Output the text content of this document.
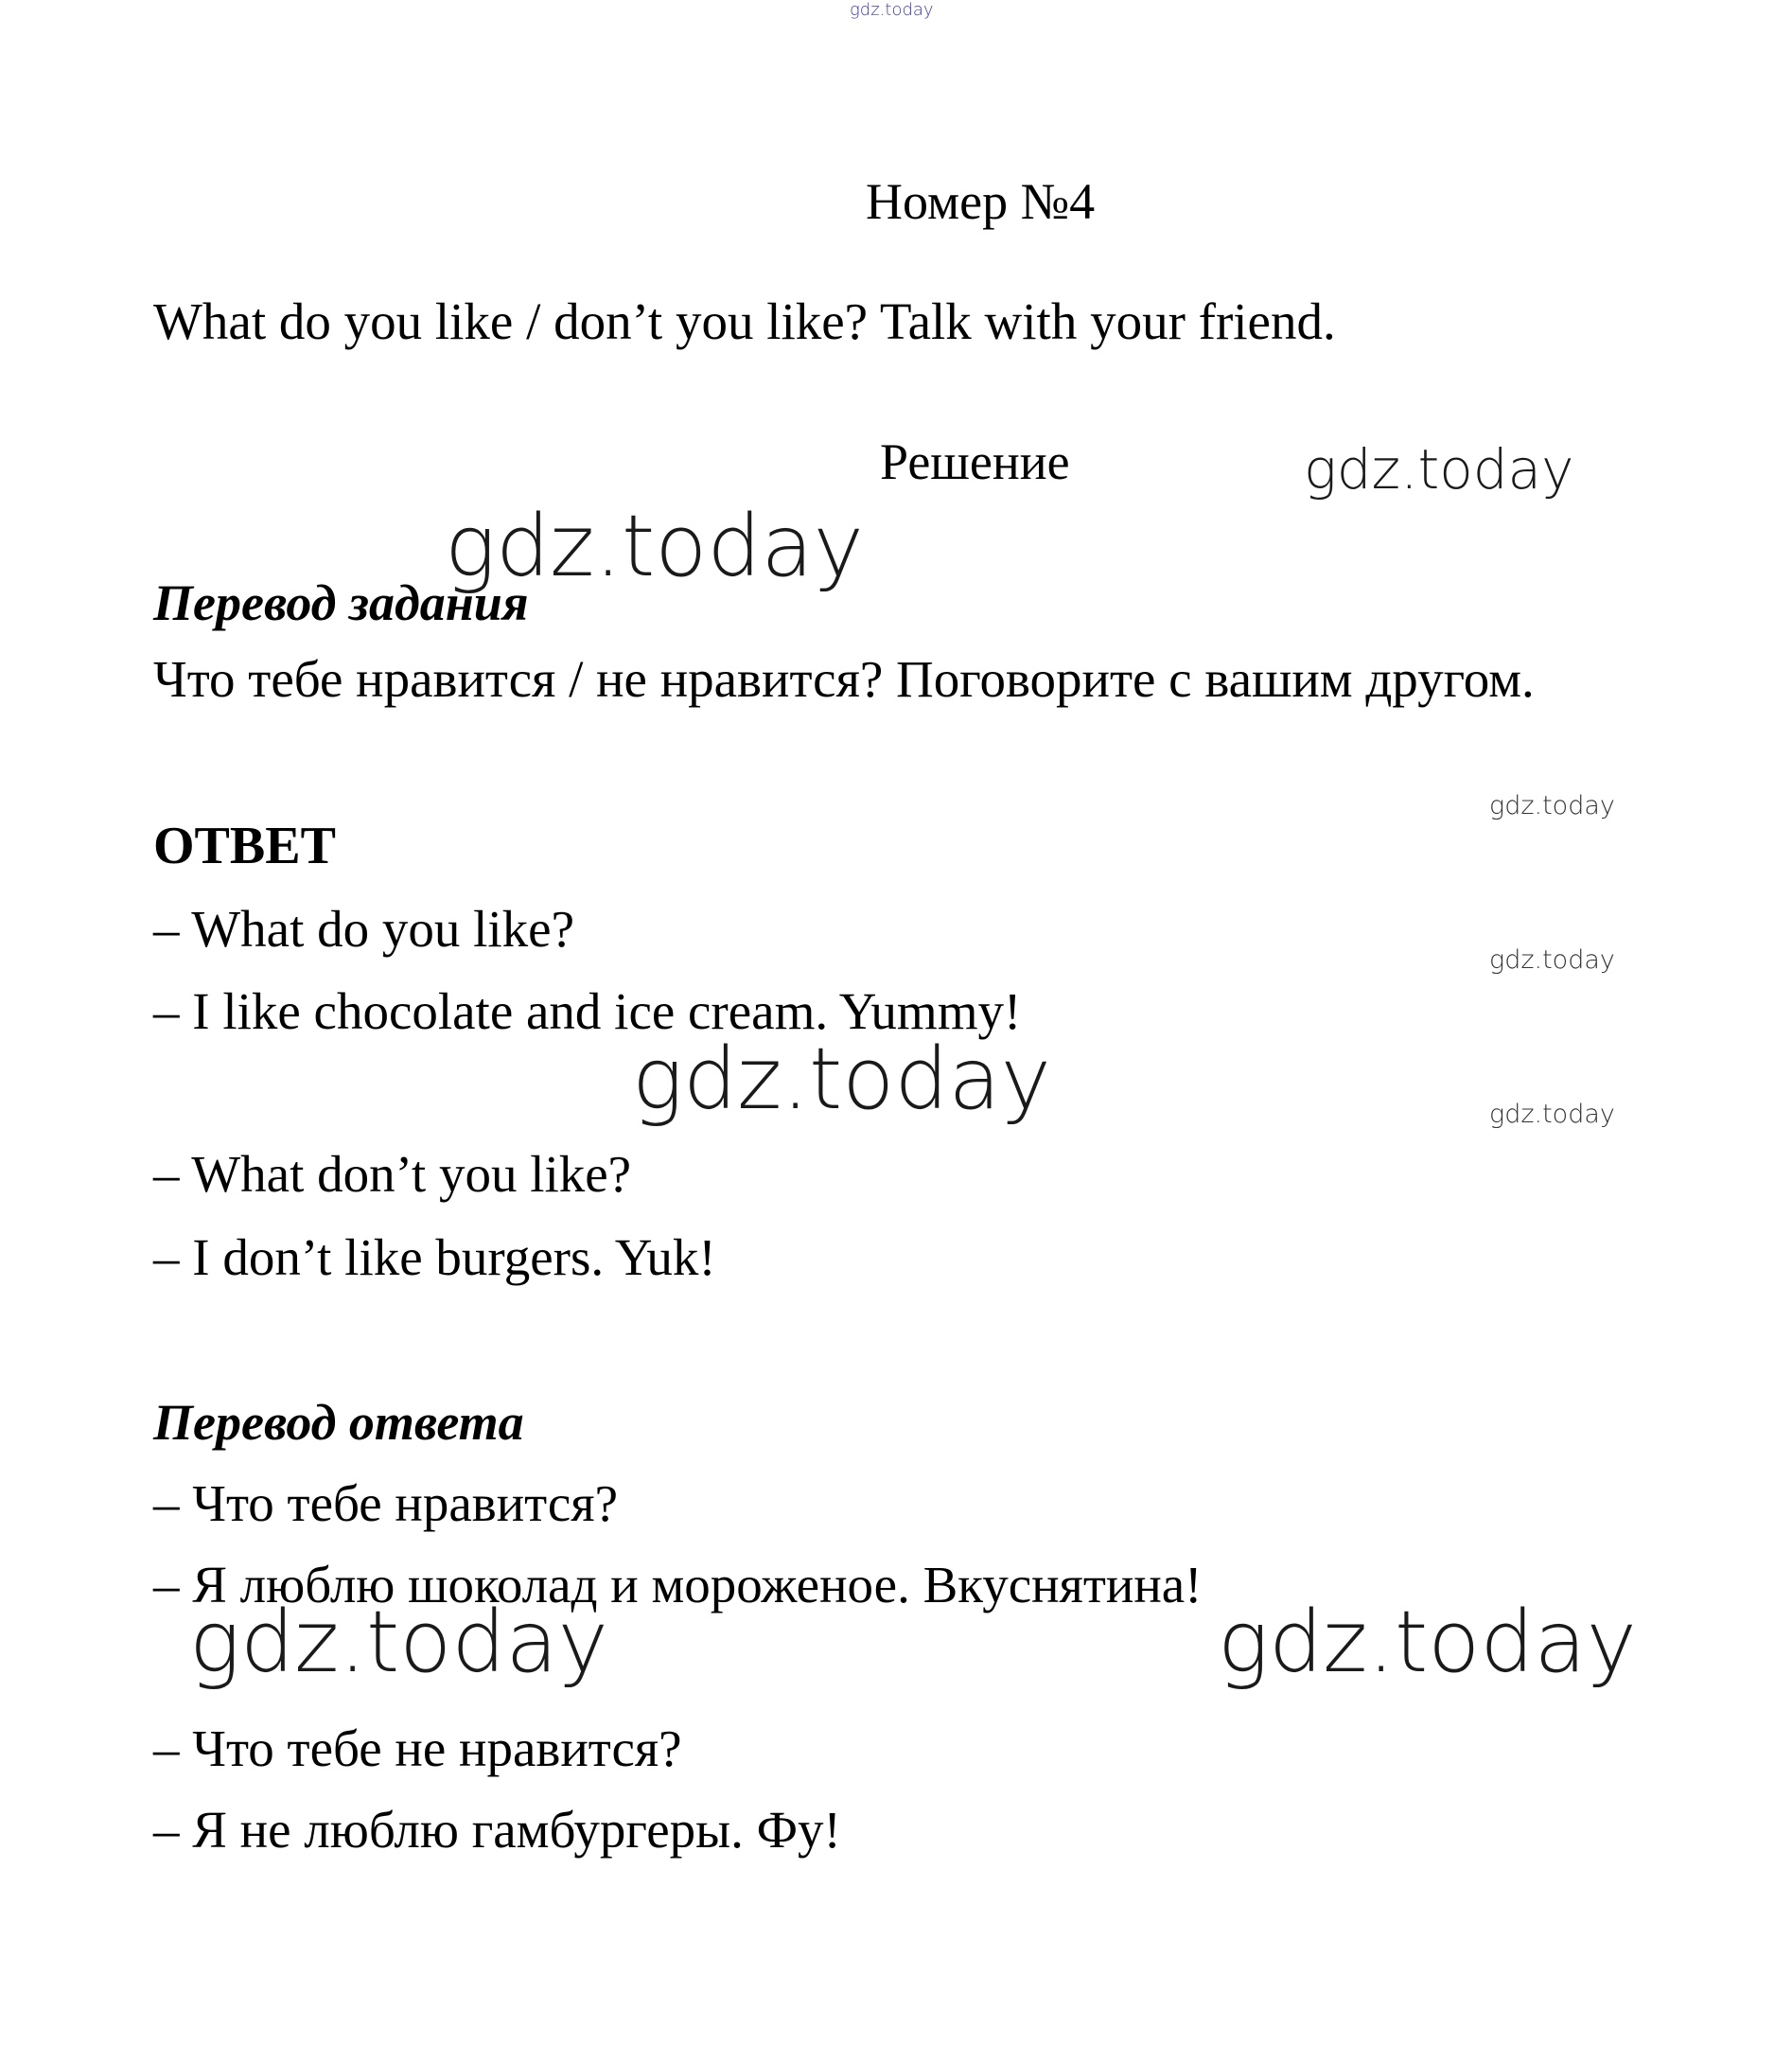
gdz.today
Номер №4
What do you like / don’t you like? Talk with your friend.
Решение	gdz.today
gdz.today
Перевод задания
Что тебе нравится / не нравится? Поговорите с вашим другом.
gdz.today
gdz.today
gdz.today
ОТВЕТ
– What do you like?
– I like chocolate and ice cream. Yummy!
gdz.today
– What don’t you like?
– I don’t like burgers. Yuk!
Перевод ответа
– Что тебе нравится?
– Я люблю шоколад и мороженое. Вкуснятина!
gdz.today	gdz.today
– Что тебе не нравится?
– Я не люблю гамбургеры. Фу!
